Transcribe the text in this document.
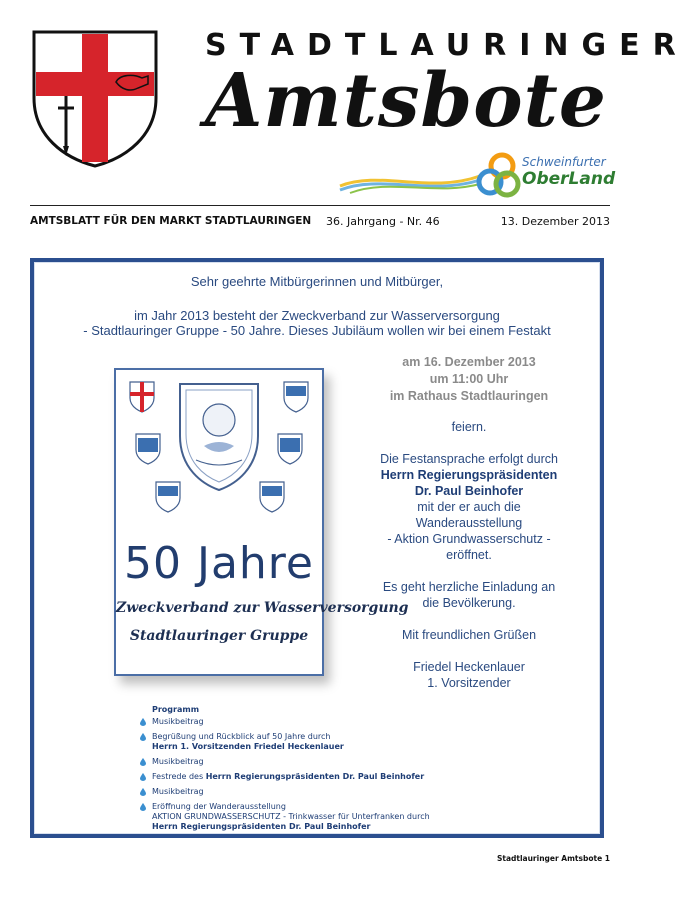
STADTLAURINGER
Amtsbote
Schweinfurter
OberLand
AMTSBLATT FÜR DEN MARKT STADTLAURINGEN 36. Jahrgang - Nr. 46	13. Dezember 2013
Sehr geehrte Mitbürgerinnen und Mitbürger,
im Jahr 2013 besteht der Zweckverband zur Wasserversorgung
- Stadtlauringer Gruppe - 50 Jahre. Dieses Jubiläum wollen wir bei einem Festakt
am 16. Dezember 2013
um 11:00 Uhr
im Rathaus Stadtlauringen
feiern.
Die Festansprache erfolgt durch
Herrn Regierungspräsidenten
Dr. Paul Beinhofer
mit der er auch die
Wanderausstellung
- Aktion Grundwasserschutz -
eröffnet.
Es geht herzliche Einladung an
die Bevölkerung.
Mit freundlichen Grüßen
Friedel Heckenlauer
1. Vorsitzender
50 Jahre
Zweckverband zur Wasserversorgung
Stadtlauringer Gruppe
Programm
Musikbeitrag
Begrüßung und Rückblick auf 50 Jahre durch
Herrn 1. Vorsitzenden Friedel Heckenlauer
Musikbeitrag
Festrede des Herrn Regierungspräsidenten Dr. Paul Beinhofer
Musikbeitrag
Eröffnung der Wanderausstellung
AKTION GRUNDWASSERSCHUTZ - Trinkwasser für Unterfranken durch
Herrn Regierungspräsidenten Dr. Paul Beinhofer
Stadtlauringer Amtsbote 1
